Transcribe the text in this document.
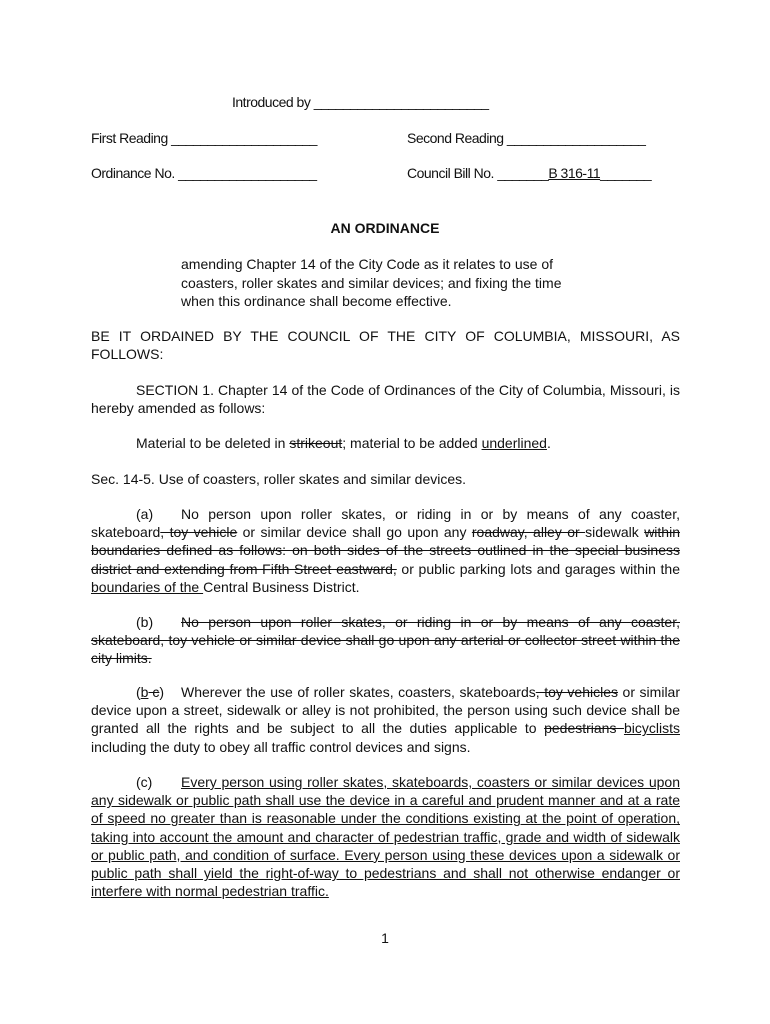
Introduced by ________________________
First Reading ____________________	Second Reading ___________________
Ordinance No. ___________________	Council Bill No. _______B 316-11_______
AN ORDINANCE
amending Chapter 14 of the City Code as it relates to use of
coasters, roller skates and similar devices; and fixing the time
when this ordinance shall become effective.
BE IT ORDAINED BY THE COUNCIL OF THE CITY OF COLUMBIA, MISSOURI, AS FOLLOWS:
SECTION 1. Chapter 14 of the Code of Ordinances of the City of Columbia, Missouri, is hereby amended as follows:
Material to be deleted in strikeout; material to be added underlined.
Sec. 14-5. Use of coasters, roller skates and similar devices.
(a) No person upon roller skates, or riding in or by means of any coaster, skateboard, toy vehicle or similar device shall go upon any roadway, alley or sidewalk within boundaries defined as follows: on both sides of the streets outlined in the special business district and extending from Fifth Street eastward, or public parking lots and garages within the boundaries of the Central Business District.
(b) No person upon roller skates, or riding in or by means of any coaster, skateboard, toy vehicle or similar device shall go upon any arterial or collector street within the city limits.
(b c) Wherever the use of roller skates, coasters, skateboards, toy vehicles or similar device upon a street, sidewalk or alley is not prohibited, the person using such device shall be granted all the rights and be subject to all the duties applicable to pedestrians bicyclists including the duty to obey all traffic control devices and signs.
(c) Every person using roller skates, skateboards, coasters or similar devices upon any sidewalk or public path shall use the device in a careful and prudent manner and at a rate of speed no greater than is reasonable under the conditions existing at the point of operation, taking into account the amount and character of pedestrian traffic, grade and width of sidewalk or public path, and condition of surface. Every person using these devices upon a sidewalk or public path shall yield the right-of-way to pedestrians and shall not otherwise endanger or interfere with normal pedestrian traffic.
1
